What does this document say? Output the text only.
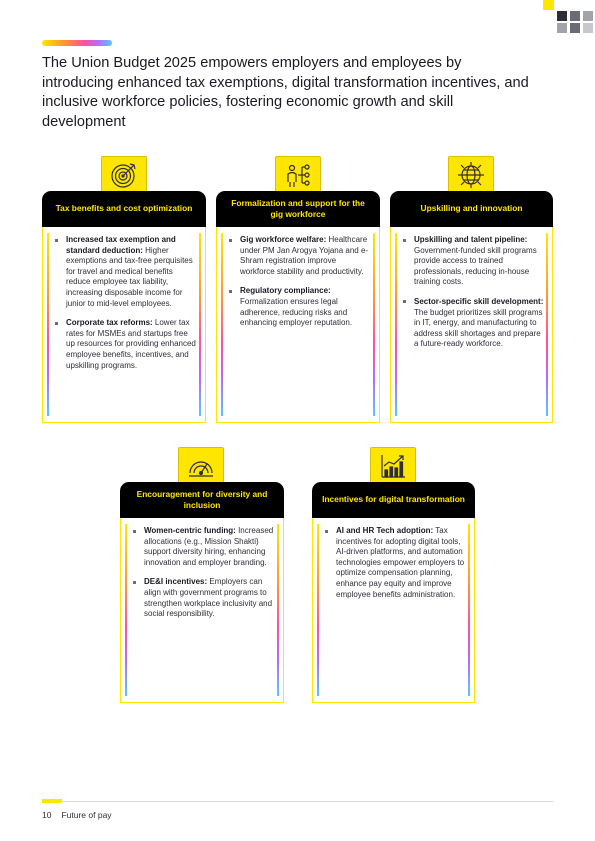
The Union Budget 2025 empowers employers and employees by introducing enhanced tax exemptions, digital transformation incentives, and inclusive workforce policies, fostering economic growth and skill development
Tax benefits and cost optimization
Increased tax exemption and standard deduction: Higher exemptions and tax-free perquisites for travel and medical benefits reduce employee tax liability, increasing disposable income for junior to mid-level employees.
Corporate tax reforms: Lower tax rates for MSMEs and startups free up resources for providing enhanced employee benefits, incentives, and upskilling programs.
Formalization and support for the gig workforce
Gig workforce welfare: Healthcare under PM Jan Arogya Yojana and e-Shram registration improve workforce stability and productivity.
Regulatory compliance: Formalization ensures legal adherence, reducing risks and enhancing employer reputation.
Upskilling and innovation
Upskilling and talent pipeline: Government-funded skill programs provide access to trained professionals, reducing in-house training costs.
Sector-specific skill development: The budget prioritizes skill programs in IT, energy, and manufacturing to address skill shortages and prepare a future-ready workforce.
Encouragement for diversity and inclusion
Women-centric funding: Increased allocations (e.g., Mission Shakti) support diversity hiring, enhancing innovation and employer branding.
DE&I incentives: Employers can align with government programs to strengthen workplace inclusivity and social responsibility.
Incentives for digital transformation
AI and HR Tech adoption: Tax incentives for adopting digital tools, AI-driven platforms, and automation technologies empower employers to optimize compensation planning, enhance pay equity and improve employee benefits administration.
10 Future of pay
